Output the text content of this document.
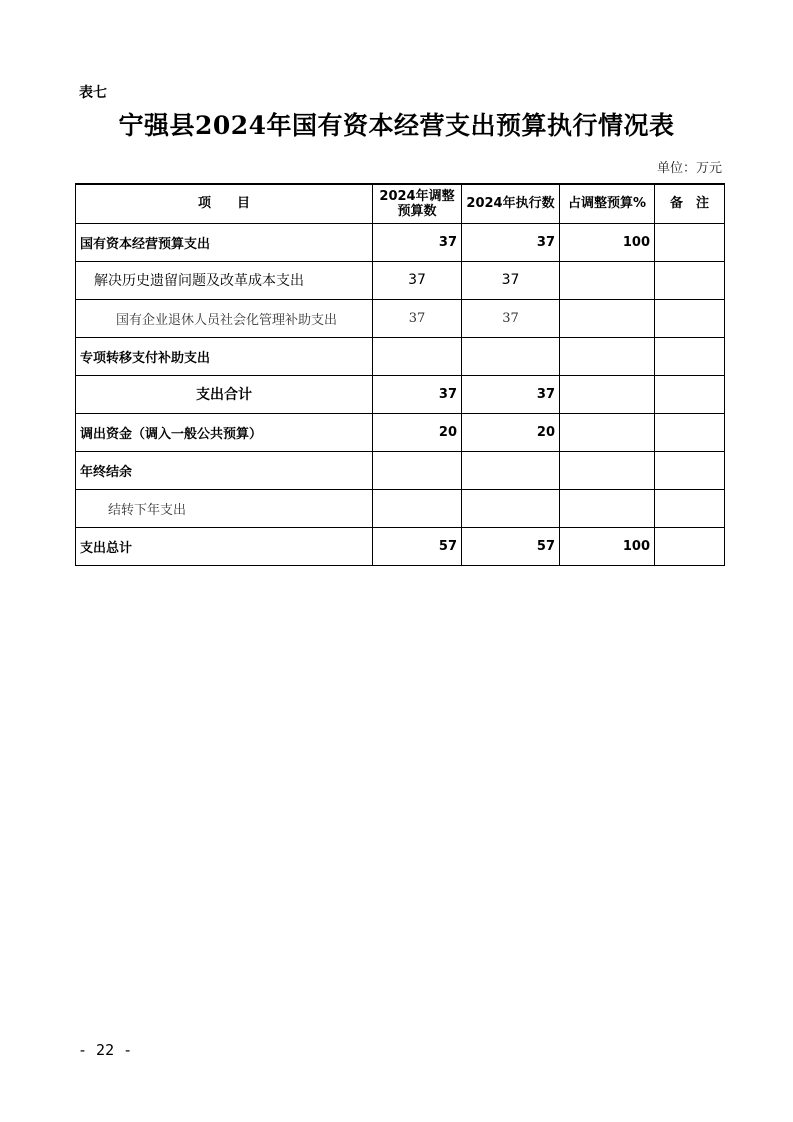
表七
宁强县2024年国有资本经营支出预算执行情况表
单位：万元
项　　目	2024年调整预算数	2024年执行数	占调整预算%	备　注
国有资本经营预算支出	37	37	100	
解决历史遗留问题及改革成本支出	37	37		
国有企业退休人员社会化管理补助支出	37	37		
专项转移支付补助支出				
支出合计	37	37		
调出资金（调入一般公共预算）	20	20		
年终结余				
结转下年支出				
支出总计	57	57	100	
- 22 -
